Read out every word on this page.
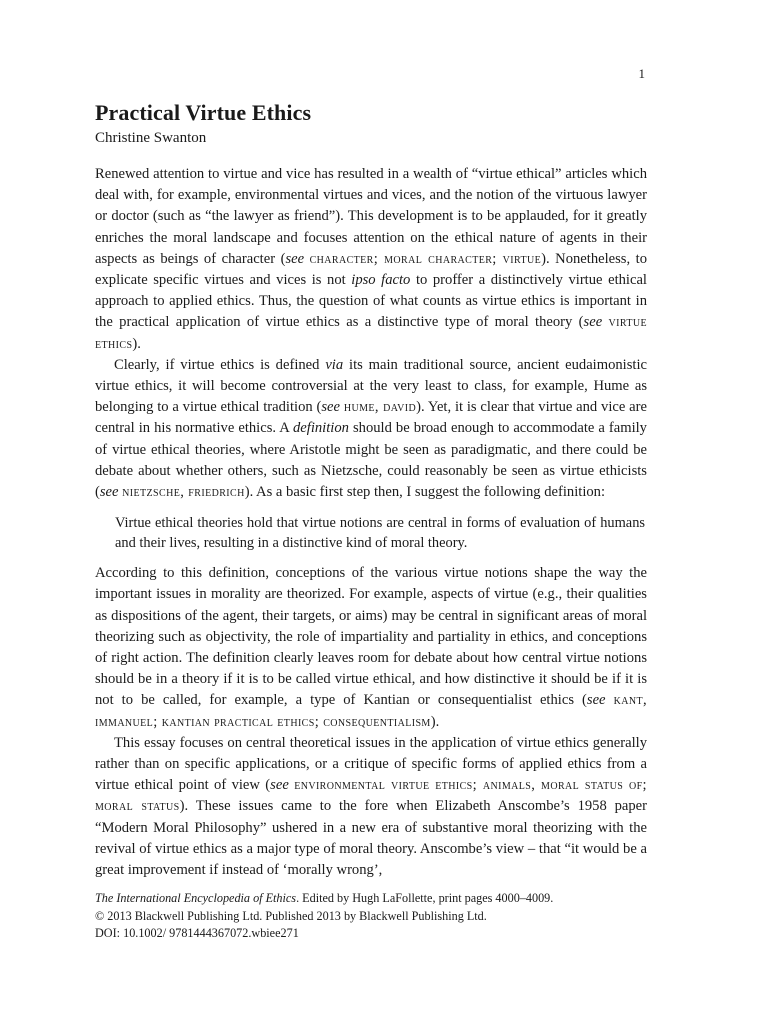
1
Practical Virtue Ethics
Christine Swanton

Renewed attention to virtue and vice has resulted in a wealth of “virtue ethical” articles which deal with, for example, environmental virtues and vices, and the notion of the virtuous lawyer or doctor (such as “the lawyer as friend”). This development is to be applauded, for it greatly enriches the moral landscape and focuses attention on the ethical nature of agents in their aspects as beings of character (see character; moral character; virtue). Nonetheless, to explicate specific virtues and vices is not ipso facto to proffer a distinctively virtue ethical approach to applied ethics. Thus, the question of what counts as virtue ethics is important in the practical application of virtue ethics as a distinctive type of moral theory (see virtue ethics).

Clearly, if virtue ethics is defined via its main traditional source, ancient eudaimonistic virtue ethics, it will become controversial at the very least to class, for example, Hume as belonging to a virtue ethical tradition (see hume, david). Yet, it is clear that virtue and vice are central in his normative ethics. A definition should be broad enough to accommodate a family of virtue ethical theories, where Aristotle might be seen as paradigmatic, and there could be debate about whether others, such as Nietzsche, could reasonably be seen as virtue ethicists (see nietzsche, friedrich). As a basic first step then, I suggest the following definition:

Virtue ethical theories hold that virtue notions are central in forms of evaluation of humans and their lives, resulting in a distinctive kind of moral theory.

According to this definition, conceptions of the various virtue notions shape the way the important issues in morality are theorized. For example, aspects of virtue (e.g., their qualities as dispositions of the agent, their targets, or aims) may be central in significant areas of moral theorizing such as objectivity, the role of impartiality and partiality in ethics, and conceptions of right action. The definition clearly leaves room for debate about how central virtue notions should be in a theory if it is to be called virtue ethical, and how distinctive it should be if it is not to be called, for example, a type of Kantian or consequentialist ethics (see kant, immanuel; kantian practical ethics; consequentialism).

This essay focuses on central theoretical issues in the application of virtue ethics generally rather than on specific applications, or a critique of specific forms of applied ethics from a virtue ethical point of view (see environmental virtue ethics; animals, moral status of; moral status). These issues came to the fore when Elizabeth Anscombe’s 1958 paper “Modern Moral Philosophy” ushered in a new era of substantive moral theorizing with the revival of virtue ethics as a major type of moral theory. Anscombe’s view – that “it would be a great improvement if instead of ‘morally wrong’,

The International Encyclopedia of Ethics. Edited by Hugh LaFollette, print pages 4000–4009.
© 2013 Blackwell Publishing Ltd. Published 2013 by Blackwell Publishing Ltd.
DOI: 10.1002/ 9781444367072.wbiee271
